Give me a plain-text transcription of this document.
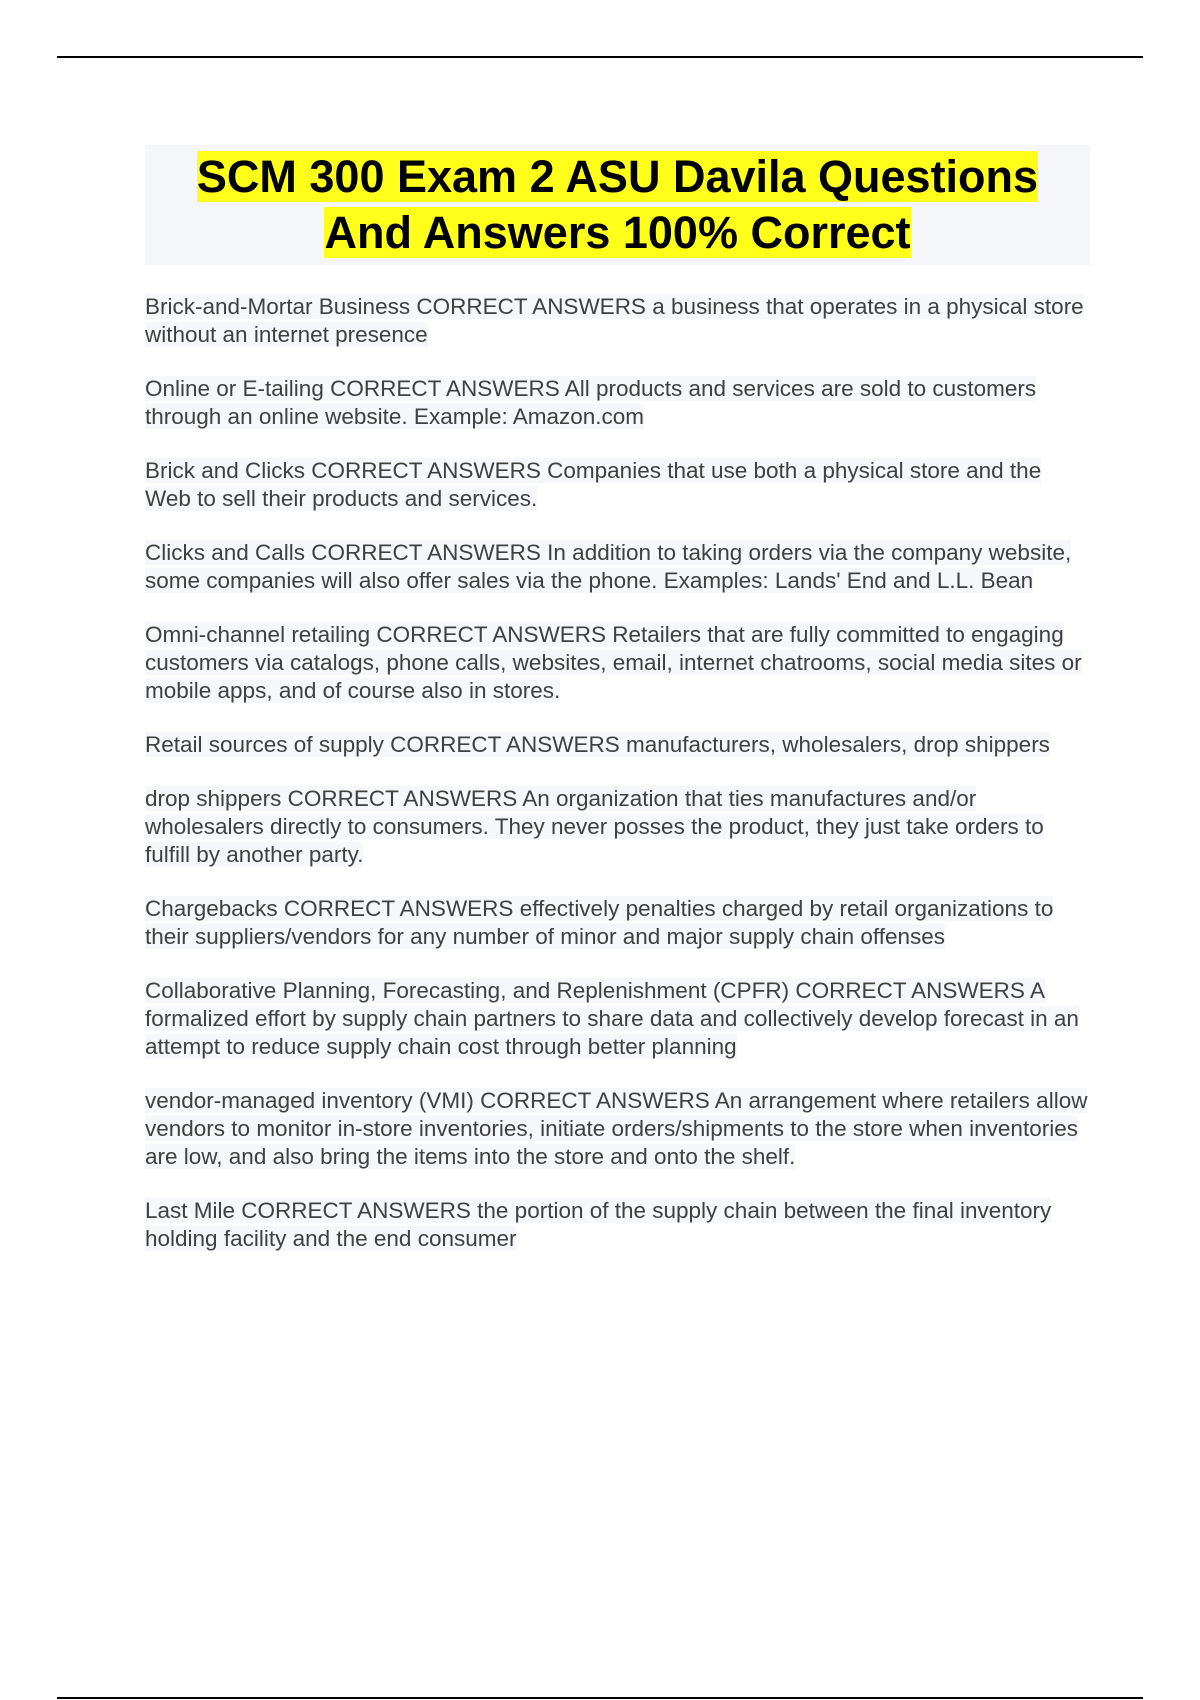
SCM 300 Exam 2 ASU Davila Questions
And Answers 100% Correct
Brick-and-Mortar Business CORRECT ANSWERS a business that operates in a physical store without an internet presence
Online or E-tailing CORRECT ANSWERS All products and services are sold to customers through an online website. Example: Amazon.com
Brick and Clicks CORRECT ANSWERS Companies that use both a physical store and the Web to sell their products and services.
Clicks and Calls CORRECT ANSWERS In addition to taking orders via the company website, some companies will also offer sales via the phone. Examples: Lands' End and L.L. Bean
Omni-channel retailing CORRECT ANSWERS Retailers that are fully committed to engaging customers via catalogs, phone calls, websites, email, internet chatrooms, social media sites or mobile apps, and of course also in stores.
Retail sources of supply CORRECT ANSWERS manufacturers, wholesalers, drop shippers
drop shippers CORRECT ANSWERS An organization that ties manufactures and/or wholesalers directly to consumers. They never posses the product, they just take orders to fulfill by another party.
Chargebacks CORRECT ANSWERS effectively penalties charged by retail organizations to their suppliers/vendors for any number of minor and major supply chain offenses
Collaborative Planning, Forecasting, and Replenishment (CPFR) CORRECT ANSWERS A formalized effort by supply chain partners to share data and collectively develop forecast in an attempt to reduce supply chain cost through better planning
vendor-managed inventory (VMI) CORRECT ANSWERS An arrangement where retailers allow vendors to monitor in-store inventories, initiate orders/shipments to the store when inventories are low, and also bring the items into the store and onto the shelf.
Last Mile CORRECT ANSWERS the portion of the supply chain between the final inventory holding facility and the end consumer
